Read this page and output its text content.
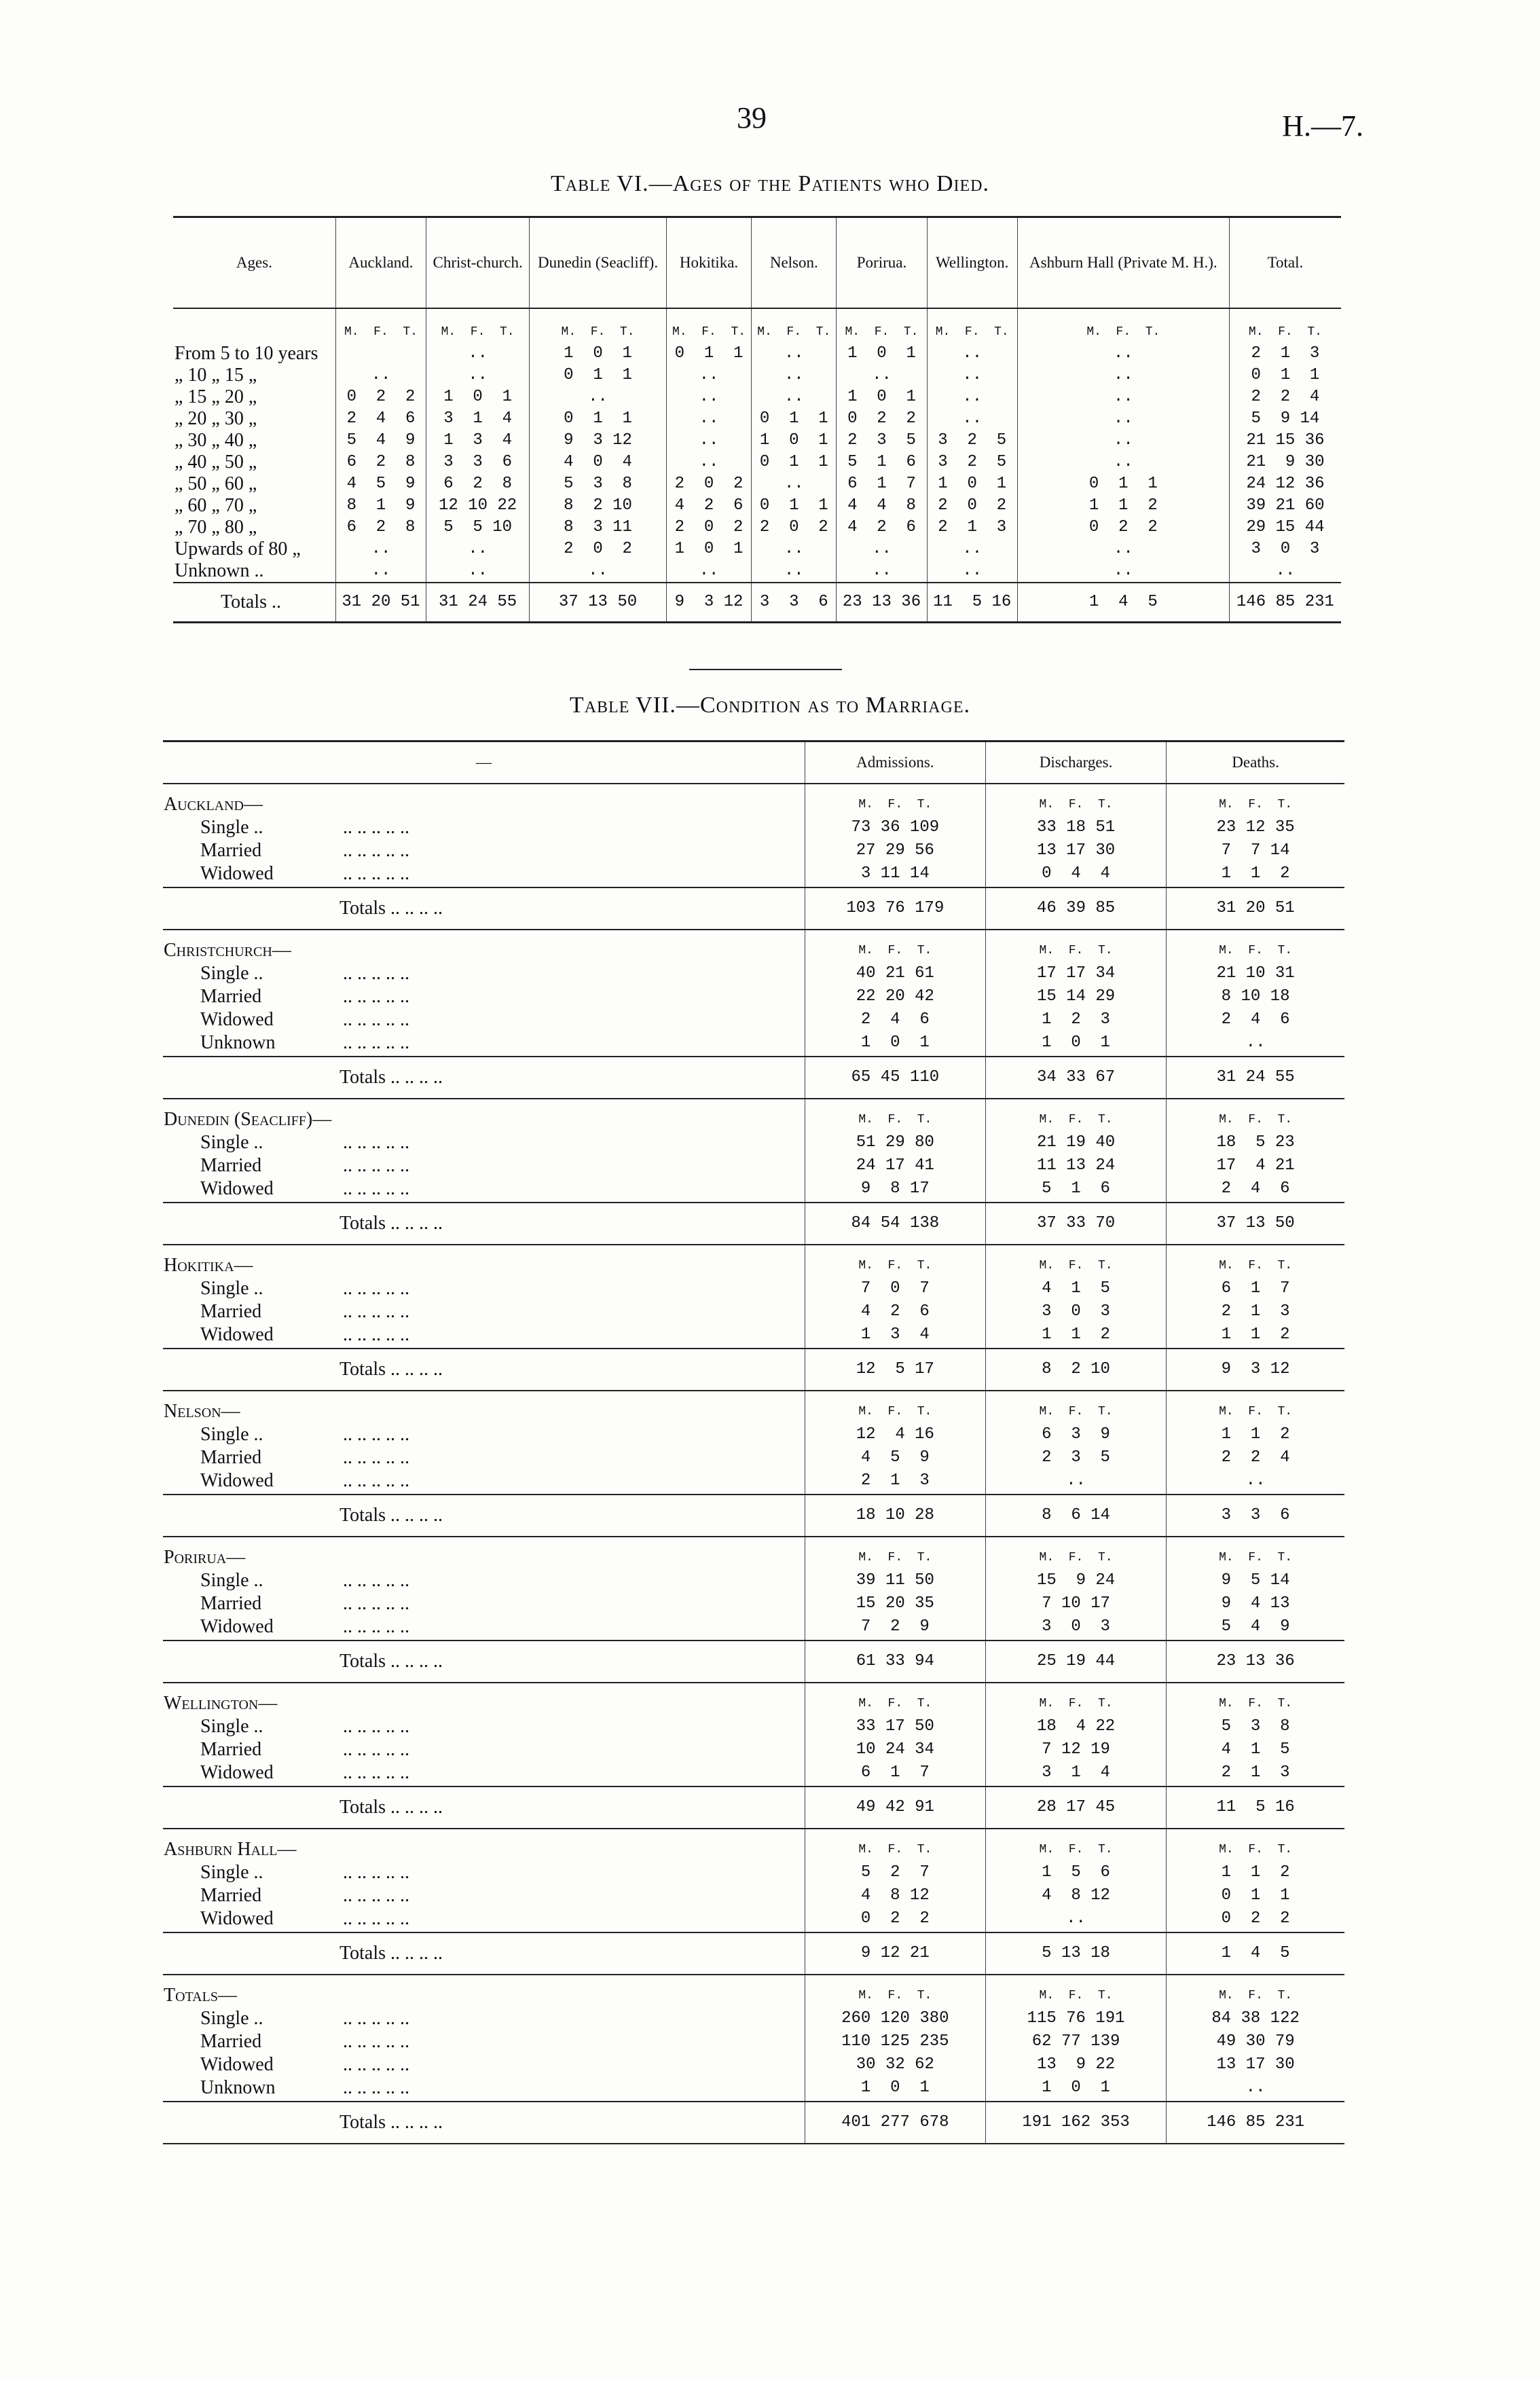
39	H.—7.
Table VI.—Ages of the Patients who Died.
Ages.	Auckland.	Christ-church.	Dunedin (Seacliff).	Hokitika.	Nelson.	Porirua.	Wellington.	Ashburn Hall (Private M. H.).	Total.
	M.  F.  T.	M.  F.  T.	M.  F.  T.	M.  F.  T.	M.  F.  T.	M.  F.  T.	M.  F.  T.	M.  F.  T.	M.  F.  T.
From 5 to 10 years		..	1  0  1	0  1  1	..	1  0  1	..	..	2  1  3
„ 10 „ 15 „	..	..	0  1  1	..	..	..	..	..	0  1  1
„ 15 „ 20 „	0  2  2	1  0  1	..	..	..	1  0  1	..	..	2  2  4
„ 20 „ 30 „	2  4  6	3  1  4	0  1  1	..	0  1  1	0  2  2	..	..	5  9 14
„ 30 „ 40 „	5  4  9	1  3  4	9  3 12	..	1  0  1	2  3  5	3  2  5	..	21 15 36
„ 40 „ 50 „	6  2  8	3  3  6	4  0  4	..	0  1  1	5  1  6	3  2  5	..	21  9 30
„ 50 „ 60 „	4  5  9	6  2  8	5  3  8	2  0  2	..	6  1  7	1  0  1	0  1  1	24 12 36
„ 60 „ 70 „	8  1  9	12 10 22	8  2 10	4  2  6	0  1  1	4  4  8	2  0  2	1  1  2	39 21 60
„ 70 „ 80 „	6  2  8	5  5 10	8  3 11	2  0  2	2  0  2	4  2  6	2  1  3	0  2  2	29 15 44
Upwards of 80 „	..	..	2  0  2	1  0  1	..	..	..	..	3  0  3
Unknown ..	..	..	..	..	..	..	..	..	..
Totals ..	31 20 51	31 24 55	37 13 50	9  3 12	3  3  6	23 13 36	11  5 16	1  4  5	146 85 231
Table VII.—Condition as to Marriage.
—	Admissions.	Discharges.	Deaths.
Auckland—	M.  F.  T.	M.  F.  T.	M.  F.  T.
Single .. .. .. .. .. ..	73 36 109	33 18 51	23 12 35
Married .. .. .. .. ..	27 29 56	13 17 30	7  7 14
Widowed .. .. .. .. ..	3 11 14	0  4  4	1  1  2

Totals .. .. .. ..	103 76 179	46 39 85	31 20 51
Christchurch—	M.  F.  T.	M.  F.  T.	M.  F.  T.
Single .. .. .. .. .. ..	40 21 61	17 17 34	21 10 31
Married .. .. .. .. ..	22 20 42	15 14 29	8 10 18
Widowed .. .. .. .. ..	2  4  6	1  2  3	2  4  6
Unknown .. .. .. .. ..	1  0  1	1  0  1	..

Totals .. .. .. ..	65 45 110	34 33 67	31 24 55
Dunedin (Seacliff)—	M.  F.  T.	M.  F.  T.	M.  F.  T.
Single .. .. .. .. .. ..	51 29 80	21 19 40	18  5 23
Married .. .. .. .. ..	24 17 41	11 13 24	17  4 21
Widowed .. .. .. .. ..	9  8 17	5  1  6	2  4  6

Totals .. .. .. ..	84 54 138	37 33 70	37 13 50
Hokitika—	M.  F.  T.	M.  F.  T.	M.  F.  T.
Single .. .. .. .. .. ..	7  0  7	4  1  5	6  1  7
Married .. .. .. .. ..	4  2  6	3  0  3	2  1  3
Widowed .. .. .. .. ..	1  3  4	1  1  2	1  1  2

Totals .. .. .. ..	12  5 17	8  2 10	9  3 12
Nelson—	M.  F.  T.	M.  F.  T.	M.  F.  T.
Single .. .. .. .. .. ..	12  4 16	6  3  9	1  1  2
Married .. .. .. .. ..	4  5  9	2  3  5	2  2  4
Widowed .. .. .. .. ..	2  1  3	..	..

Totals .. .. .. ..	18 10 28	8  6 14	3  3  6
Porirua—	M.  F.  T.	M.  F.  T.	M.  F.  T.
Single .. .. .. .. .. ..	39 11 50	15  9 24	9  5 14
Married .. .. .. .. ..	15 20 35	7 10 17	9  4 13
Widowed .. .. .. .. ..	7  2  9	3  0  3	5  4  9

Totals .. .. .. ..	61 33 94	25 19 44	23 13 36
Wellington—	M.  F.  T.	M.  F.  T.	M.  F.  T.
Single .. .. .. .. .. ..	33 17 50	18  4 22	5  3  8
Married .. .. .. .. ..	10 24 34	7 12 19	4  1  5
Widowed .. .. .. .. ..	6  1  7	3  1  4	2  1  3

Totals .. .. .. ..	49 42 91	28 17 45	11  5 16
Ashburn Hall—	M.  F.  T.	M.  F.  T.	M.  F.  T.
Single .. .. .. .. .. ..	5  2  7	1  5  6	1  1  2
Married .. .. .. .. ..	4  8 12	4  8 12	0  1  1
Widowed .. .. .. .. ..	0  2  2	..	0  2  2

Totals .. .. .. ..	9 12 21	5 13 18	1  4  5
Totals—	M.  F.  T.	M.  F.  T.	M.  F.  T.
Single .. .. .. .. .. ..	260 120 380	115 76 191	84 38 122
Married .. .. .. .. ..	110 125 235	62 77 139	49 30 79
Widowed .. .. .. .. ..	30 32 62	13  9 22	13 17 30
Unknown .. .. .. .. ..	1  0  1	1  0  1	..

Totals .. .. .. ..	401 277 678	191 162 353	146 85 231
